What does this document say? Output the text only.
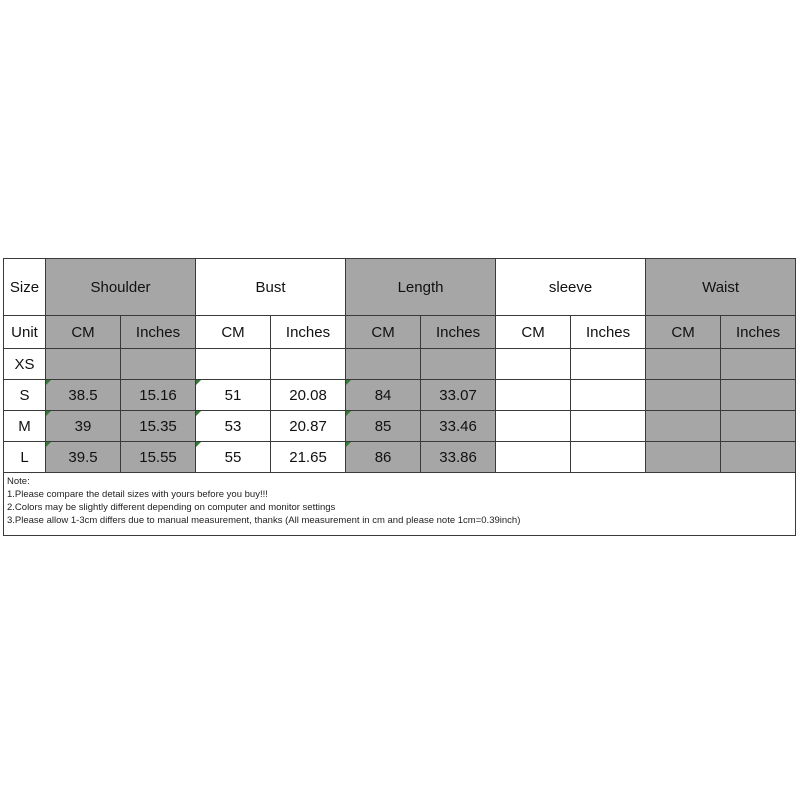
Size	Shoulder		Bust		Length		sleeve		Waist	
Unit	CM	Inches	CM	Inches	CM	Inches	CM	Inches	CM	Inches
XS										
S	38.5	15.16	51	20.08	84	33.07				
M	39	15.35	53	20.87	85	33.46				
L	39.5	15.55	55	21.65	86	33.86				

Note:
1.Please compare the detail sizes with yours before you buy!!!
2.Colors may be slightly different depending on computer and monitor settings
3.Please allow 1-3cm differs due to manual measurement, thanks (All measurement in cm and please note 1cm=0.39inch)										
